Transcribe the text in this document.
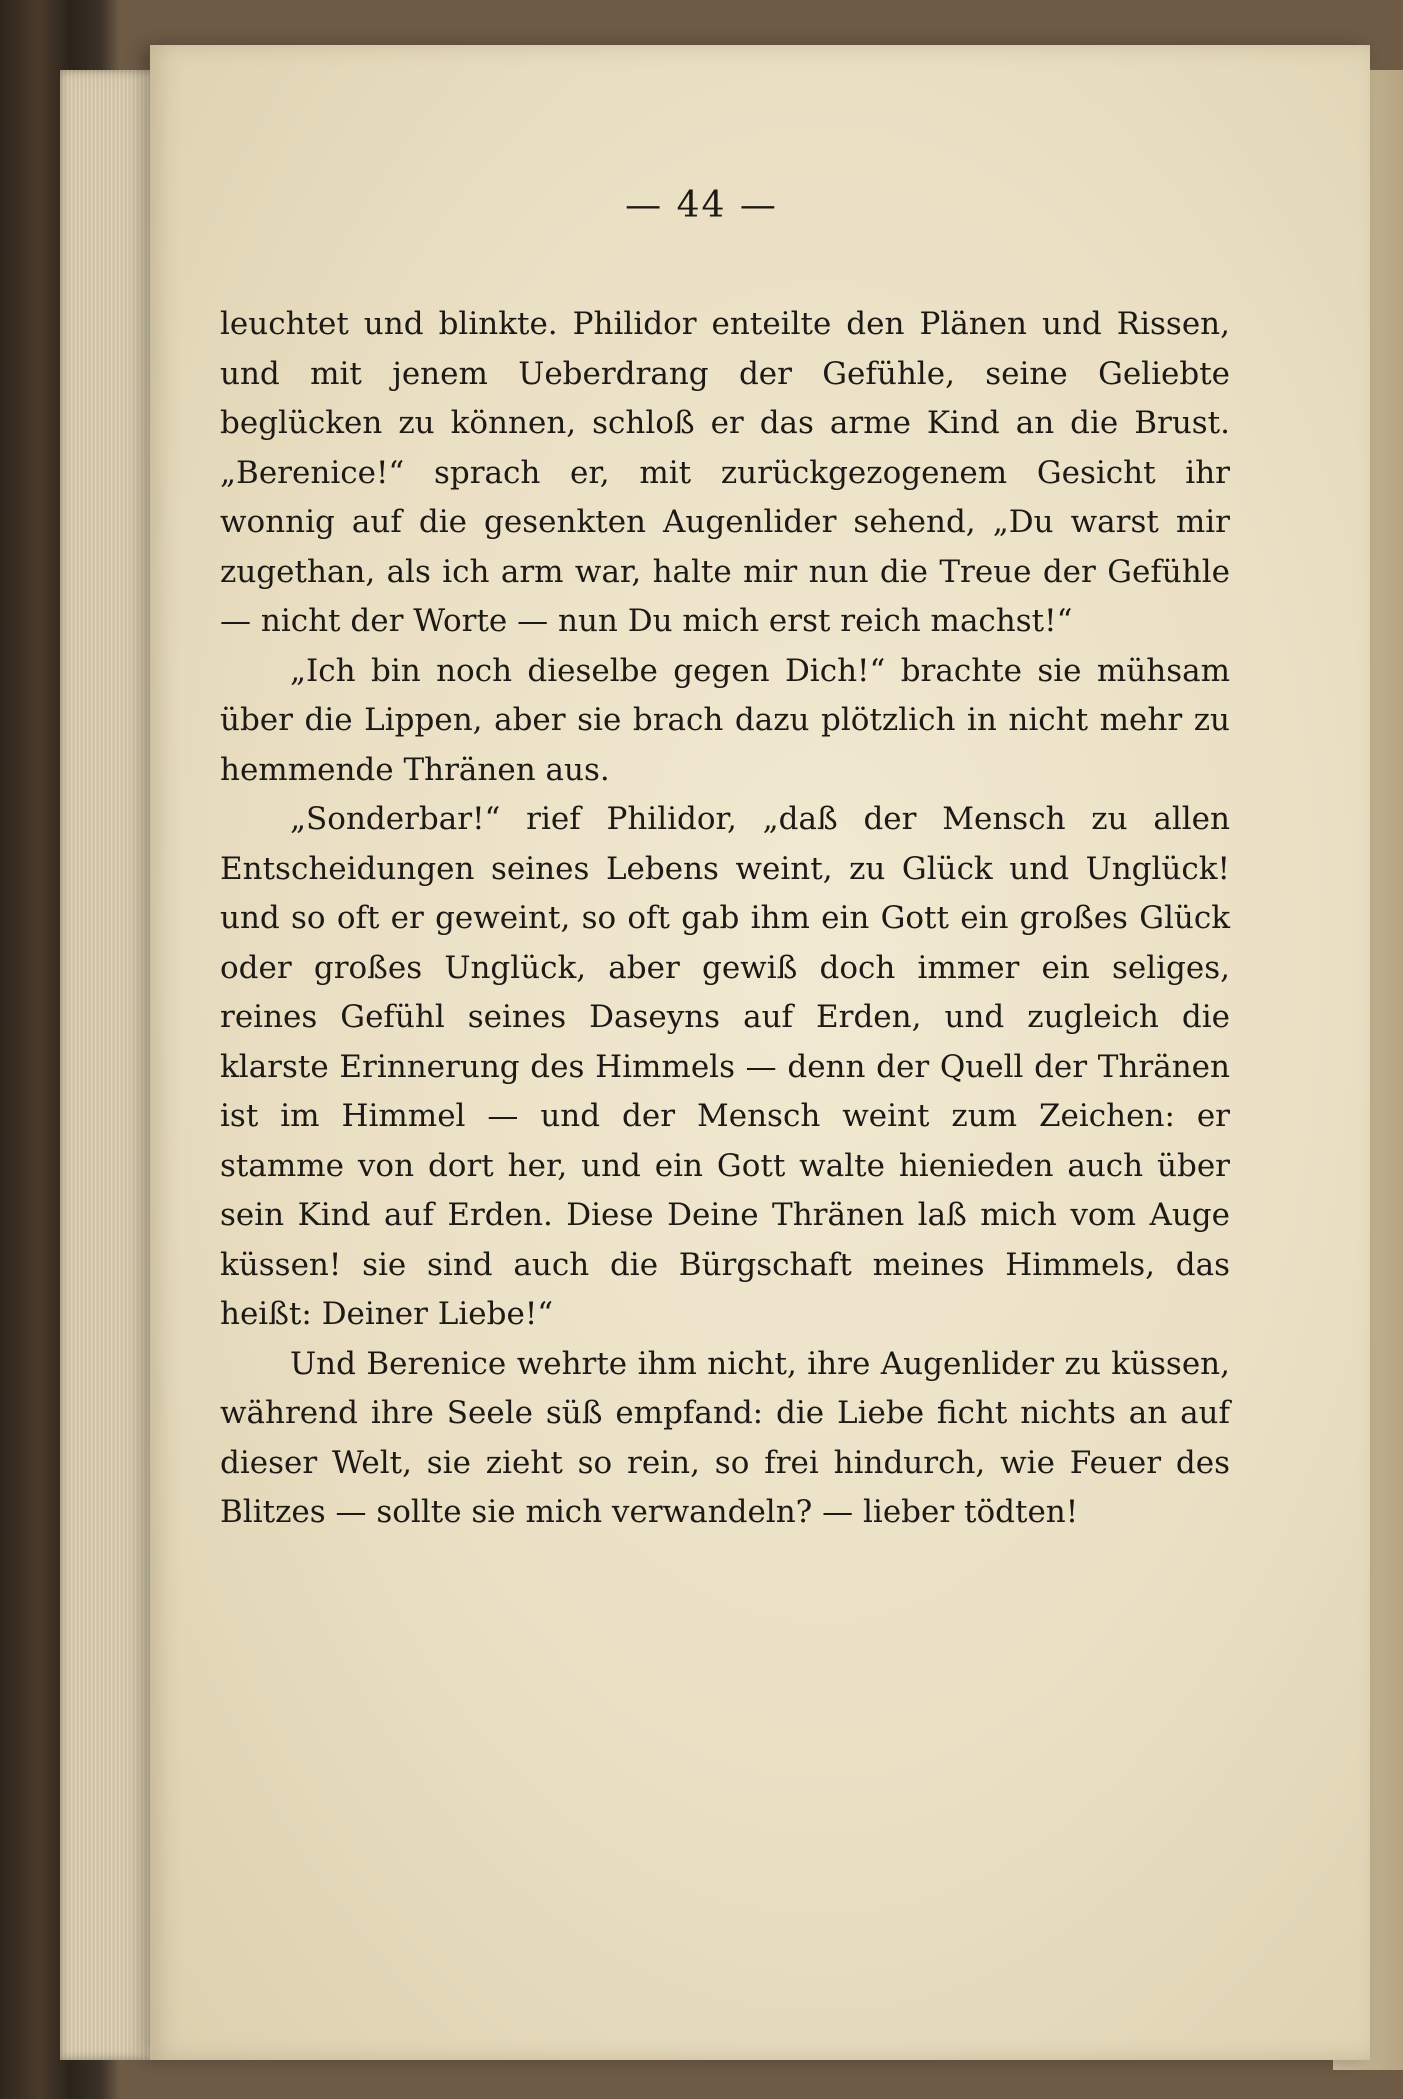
— 44 —

leuchtet und blinkte. Philidor enteilte den Plänen und Rissen, und mit jenem Ueberdrang der Gefühle, seine Geliebte beglücken zu können, schloß er das arme Kind an die Brust. „Berenice!“ sprach er, mit zurückgezogenem Gesicht ihr wonnig auf die gesenkten Augenlider sehend, „Du warst mir zugethan, als ich arm war, halte mir nun die Treue der Gefühle — nicht der Worte — nun Du mich erst reich machst!“

„Ich bin noch dieselbe gegen Dich!“ brachte sie mühsam über die Lippen, aber sie brach dazu plötzlich in nicht mehr zu hemmende Thränen aus.

„Sonderbar!“ rief Philidor, „daß der Mensch zu allen Entscheidungen seines Lebens weint, zu Glück und Unglück! und so oft er geweint, so oft gab ihm ein Gott ein großes Glück oder großes Unglück, aber gewiß doch immer ein seliges, reines Gefühl seines Daseyns auf Erden, und zugleich die klarste Erinnerung des Himmels — denn der Quell der Thränen ist im Himmel — und der Mensch weint zum Zeichen: er stamme von dort her, und ein Gott walte hienieden auch über sein Kind auf Erden. Diese Deine Thränen laß mich vom Auge küssen! sie sind auch die Bürgschaft meines Himmels, das heißt: Deiner Liebe!“

Und Berenice wehrte ihm nicht, ihre Augenlider zu küssen, während ihre Seele süß empfand: die Liebe ficht nichts an auf dieser Welt, sie zieht so rein, so frei hindurch, wie Feuer des Blitzes — sollte sie mich verwandeln? — lieber tödten!
